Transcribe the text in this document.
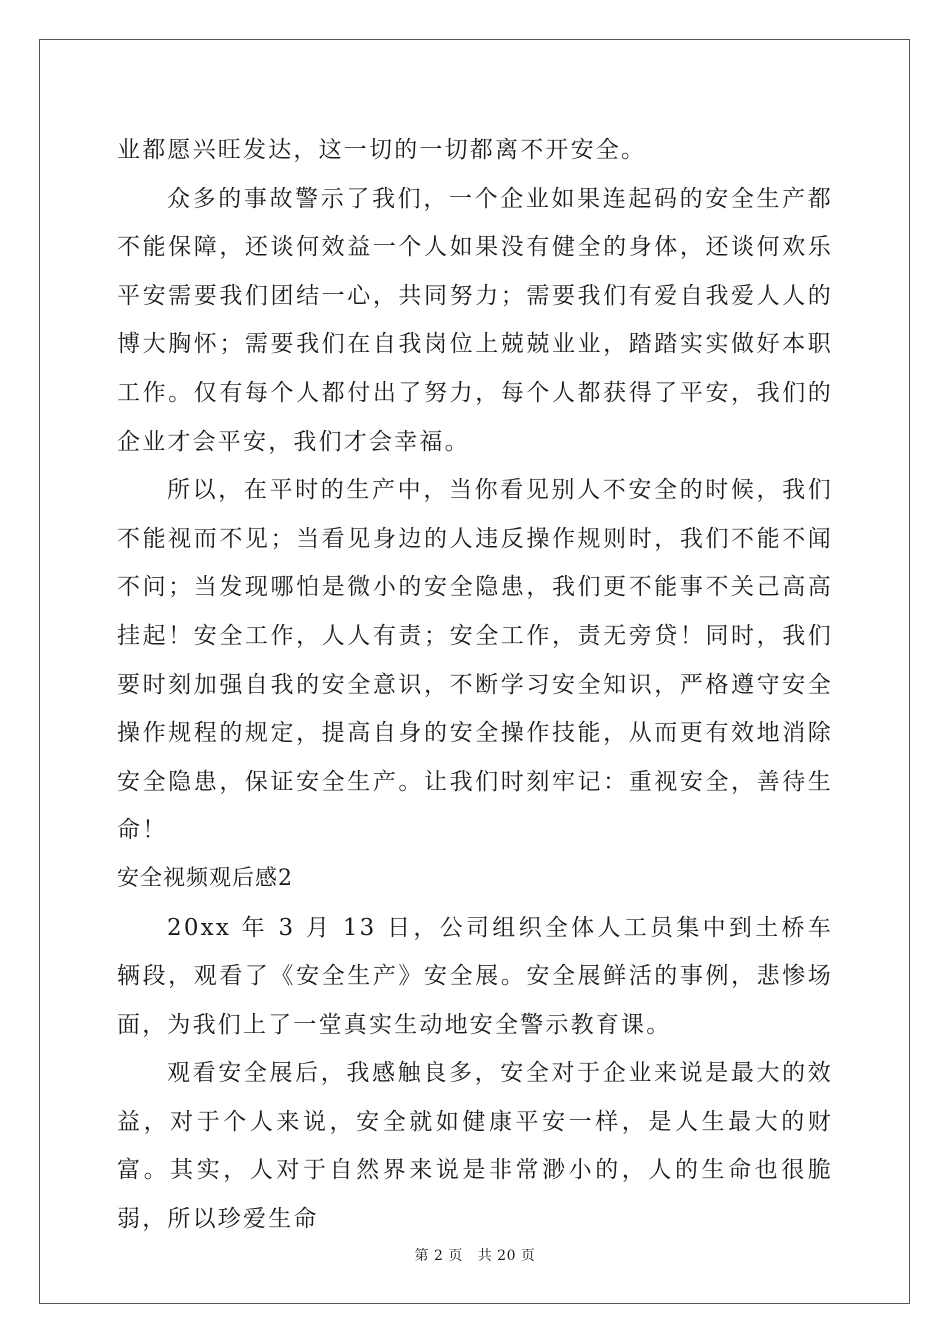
业都愿兴旺发达，这一切的一切都离不开安全。

众多的事故警示了我们，一个企业如果连起码的安全生产都不能保障，还谈何效益一个人如果没有健全的身体，还谈何欢乐平安需要我们团结一心，共同努力；需要我们有爱自我爱人人的博大胸怀；需要我们在自我岗位上兢兢业业，踏踏实实做好本职工作。仅有每个人都付出了努力，每个人都获得了平安，我们的企业才会平安，我们才会幸福。

所以，在平时的生产中，当你看见别人不安全的时候，我们不能视而不见；当看见身边的人违反操作规则时，我们不能不闻不问；当发现哪怕是微小的安全隐患，我们更不能事不关己高高挂起！安全工作，人人有责；安全工作，责无旁贷！同时，我们要时刻加强自我的安全意识，不断学习安全知识，严格遵守安全操作规程的规定，提高自身的安全操作技能，从而更有效地消除安全隐患，保证安全生产。让我们时刻牢记：重视安全，善待生命！

安全视频观后感2

20xx 年 3 月 13 日，公司组织全体人工员集中到土桥车辆段，观看了《安全生产》安全展。安全展鲜活的事例，悲惨场面，为我们上了一堂真实生动地安全警示教育课。

观看安全展后，我感触良多，安全对于企业来说是最大的效益，对于个人来说，安全就如健康平安一样，是人生最大的财富。其实，人对于自然界来说是非常渺小的，人的生命也很脆弱，所以珍爱生命

第 2 页 共 20 页
